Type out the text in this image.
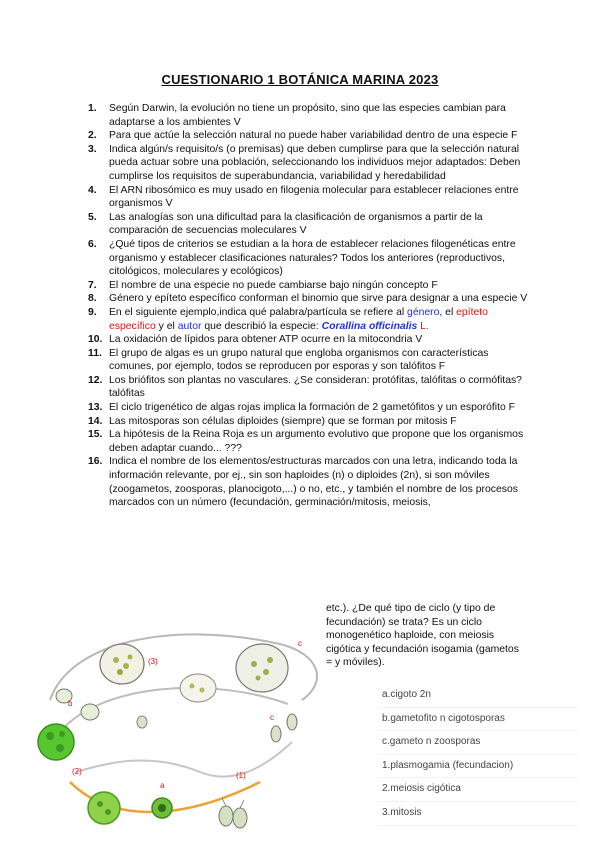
CUESTIONARIO 1 BOTÁNICA MARINA 2023
1.	Según Darwin, la evolución no tiene un propósito, sino que las especies cambian para adaptarse a los ambientes V
2.	Para que actúe la selección natural no puede haber variabilidad dentro de una especie F
3.	Indica algún/s requisito/s (o premisas) que deben cumplirse para que la selección natural pueda actuar sobre una población, seleccionando los individuos mejor adaptados: Deben cumplirse los requisitos de superabundancia, variabilidad y heredabilidad
4.	El ARN ribosómico es muy usado en filogenia molecular para establecer relaciones entre organismos V
5.	Las analogías son una dificultad para la clasificación de organismos a partir de la comparación de secuencias moleculares V
6.	¿Qué tipos de criterios se estudian a la hora de establecer relaciones filogenéticas entre organismo y establecer clasificaciones naturales? Todos los anteriores (reproductivos, citológicos, moleculares y ecológicos)
7.	El nombre de una especie no puede cambiarse bajo ningún concepto F
8.	Género y epíteto específico conforman el binomio que sirve para designar a una especie V
9.	En el siguiente ejemplo,indica qué palabra/partícula se refiere al género, el epíteto específico y el autor que describió la especie: Corallina officinalis L.
10. La oxidación de lípidos para obtener ATP ocurre en la mitocondria V
11. El grupo de algas es un grupo natural que engloba organismos con características comunes, por ejemplo, todos se reproducen por esporas y son talófitos F
12. Los briófitos son plantas no vasculares. ¿Se consideran: protófitas, talófitas o cormófitas? talófitas
13. El ciclo trigenético de algas rojas implica la formación de 2 gametófitos y un esporófito F
14. Las mitosporas son células diploides (siempre) que se forman por mitosis F
15. La hipótesis de la Reina Roja es un argumento evolutivo que propone que los organismos deben adaptar cuando... ???
16. Indica el nombre de los elementos/estructuras marcados con una letra, indicando toda la información relevante, por ej., sin son haploides (n) o diploides (2n), si son móviles (zoogametos, zoosporas, planocigoto,...) o no, etc., y también el nombre de los procesos marcados con un número (fecundación, germinación/mitosis, meiosis,
etc.). ¿De qué tipo de ciclo (y tipo de fecundación) se trata? Es un ciclo monogenético haploide, con meiosis cigótica y fecundación isogamia (gametos = y móviles).
(3)
c
c
b
(2)
a
(1)
a.cigoto 2n
b.gametofito n cigotosporas
c.gameto n zoosporas
1.plasmogamia (fecundacion)
2.meiosis cigótica
3.mitosis
